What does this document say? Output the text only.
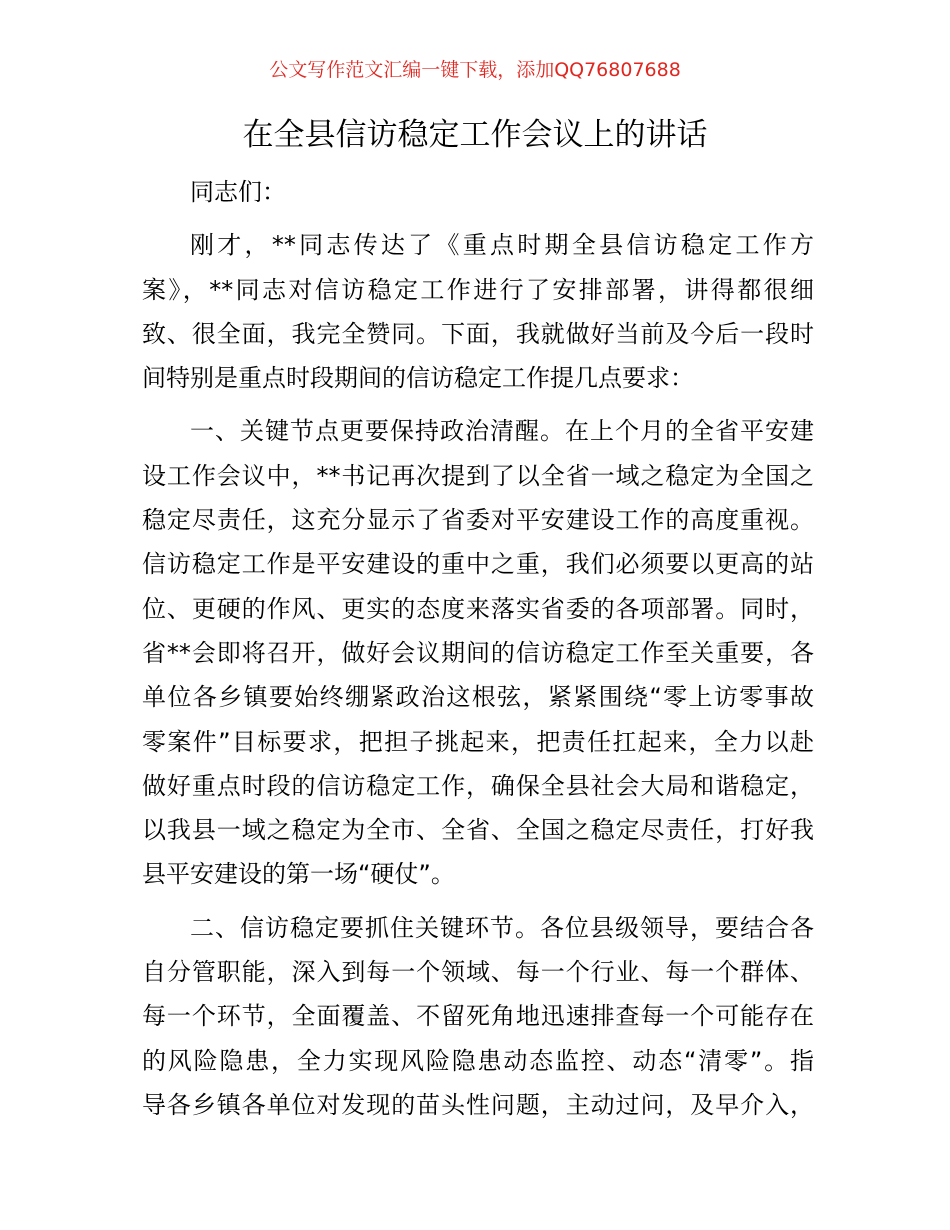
公文写作范文汇编一键下载，添加QQ76807688
在全县信访稳定工作会议上的讲话

同志们：

刚才，**同志传达了《重点时期全县信访稳定工作方
案》，**同志对信访稳定工作进行了安排部署，讲得都很细
致、很全面，我完全赞同。下面，我就做好当前及今后一段时
间特别是重点时段期间的信访稳定工作提几点要求：

一、关键节点更要保持政治清醒。在上个月的全省平安建
设工作会议中，**书记再次提到了以全省一域之稳定为全国之
稳定尽责任，这充分显示了省委对平安建设工作的高度重视。
信访稳定工作是平安建设的重中之重，我们必须要以更高的站
位、更硬的作风、更实的态度来落实省委的各项部署。同时，
省**会即将召开，做好会议期间的信访稳定工作至关重要，各
单位各乡镇要始终绷紧政治这根弦，紧紧围绕“零上访零事故
零案件”目标要求，把担子挑起来，把责任扛起来，全力以赴
做好重点时段的信访稳定工作，确保全县社会大局和谐稳定，
以我县一域之稳定为全市、全省、全国之稳定尽责任，打好我
县平安建设的第一场“硬仗”。

二、信访稳定要抓住关键环节。各位县级领导，要结合各
自分管职能，深入到每一个领域、每一个行业、每一个群体、
每一个环节，全面覆盖、不留死角地迅速排查每一个可能存在
的风险隐患，全力实现风险隐患动态监控、动态“清零”。指
导各乡镇各单位对发现的苗头性问题，主动过问，及早介入，
